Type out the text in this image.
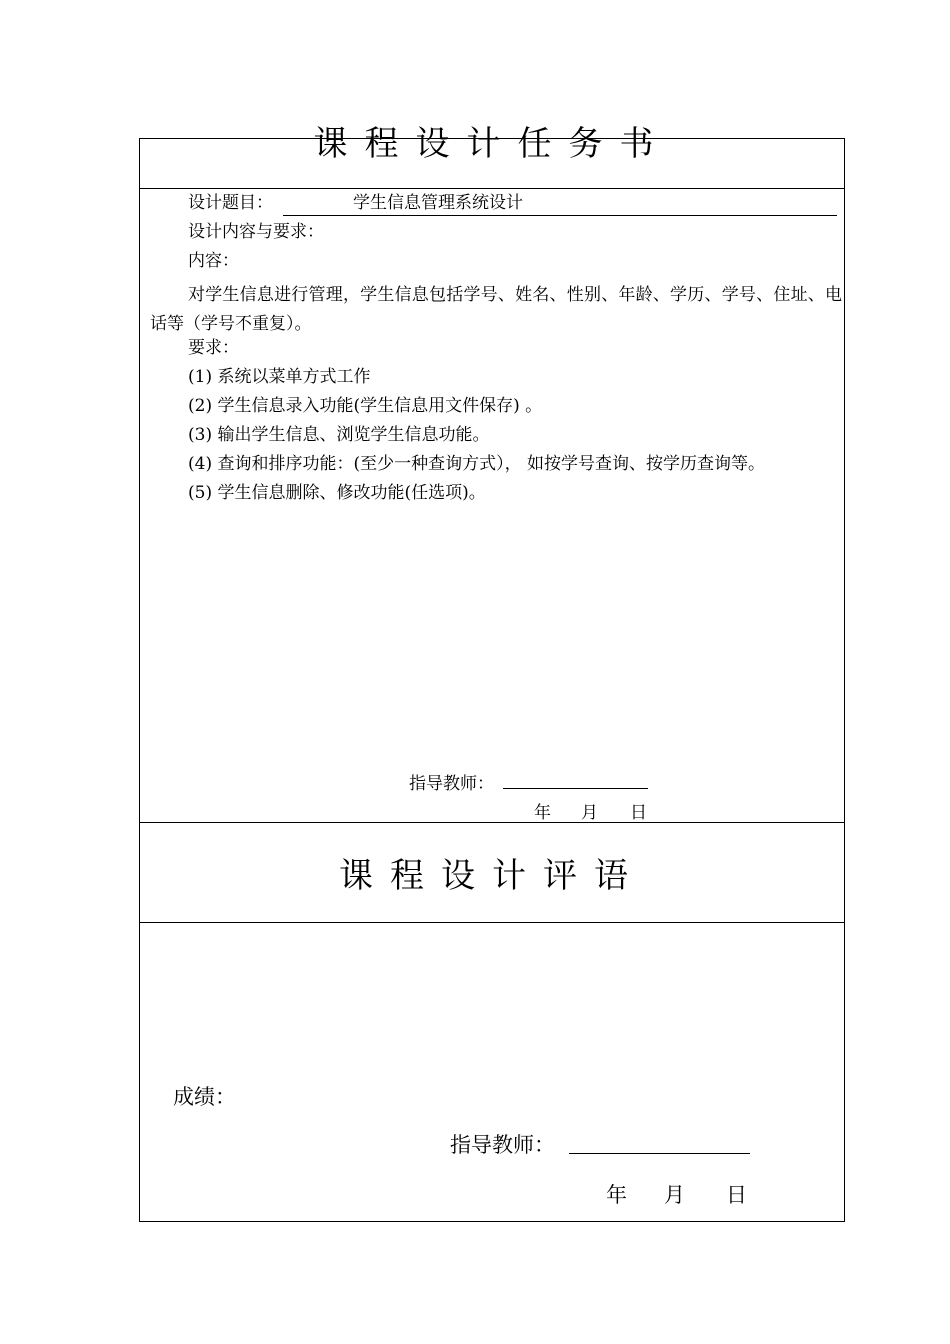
课程设计任务书
设计题目：	学生信息管理系统设计
设计内容与要求：
内容：
对学生信息进行管理，学生信息包括学号、姓名、性别、年龄、学历、学号、住址、电话等（学号不重复）。
要求：
(1) 系统以菜单方式工作
(2) 学生信息录入功能(学生信息用文件保存) 。
(3) 输出学生信息、浏览学生信息功能。
(4) 查询和排序功能：(至少一种查询方式）， 如按学号查询、按学历查询等。
(5) 学生信息删除、修改功能(任选项)。
指导教师：
年 月 日
课程设计评语
成绩：
指导教师：
年 月 日
